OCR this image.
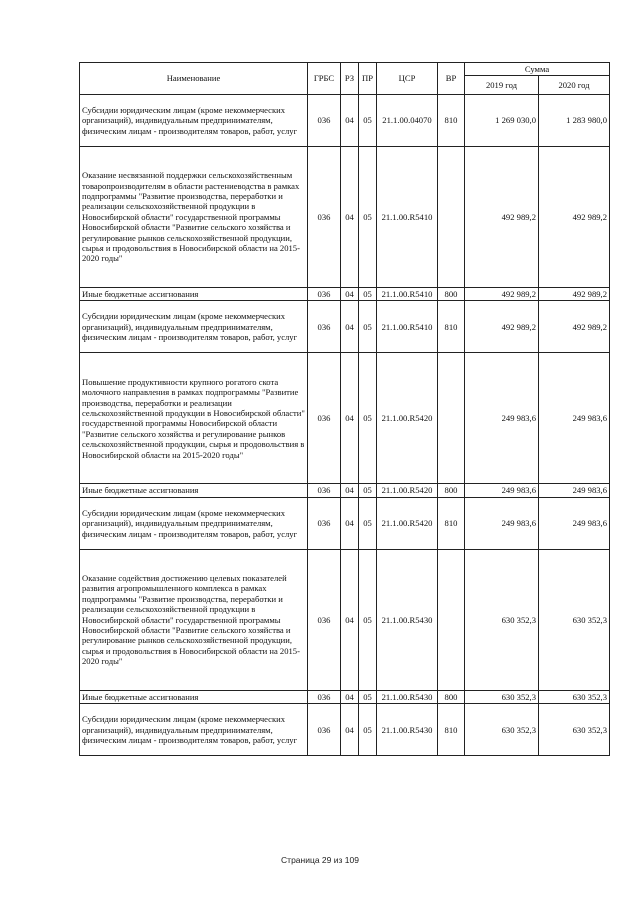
Наименование	ГРБС	РЗ	ПР	ЦСР	ВР	Сумма	
						2019 год	2020 год
Субсидии юридическим лицам (кроме некоммерческих организаций), индивидуальным предпринимателям, физическим лицам - производителям товаров, работ, услуг	036	04	05	21.1.00.04070	810	1 269 030,0	1 283 980,0
Оказание несвязанной поддержки сельскохозяйственным товаропроизводителям в области растениеводства в рамках подпрограммы "Развитие производства, переработки и реализации сельскохозяйственной продукции в Новосибирской области" государственной программы Новосибирской области "Развитие сельского хозяйства и регулирование рынков сельскохозяйственной продукции, сырья и продовольствия в Новосибирской области на 2015-2020 годы"	036	04	05	21.1.00.R5410		492 989,2	492 989,2
Иные бюджетные ассигнования	036	04	05	21.1.00.R5410	800	492 989,2	492 989,2
Субсидии юридическим лицам (кроме некоммерческих организаций), индивидуальным предпринимателям, физическим лицам - производителям товаров, работ, услуг	036	04	05	21.1.00.R5410	810	492 989,2	492 989,2
Повышение продуктивности крупного рогатого скота молочного направления в рамках подпрограммы "Развитие производства, переработки и реализации сельскохозяйственной продукции в Новосибирской области" государственной программы Новосибирской области "Развитие сельского хозяйства и регулирование рынков сельскохозяйственной продукции, сырья и продовольствия в Новосибирской области на 2015-2020 годы"	036	04	05	21.1.00.R5420		249 983,6	249 983,6
Иные бюджетные ассигнования	036	04	05	21.1.00.R5420	800	249 983,6	249 983,6
Субсидии юридическим лицам (кроме некоммерческих организаций), индивидуальным предпринимателям, физическим лицам - производителям товаров, работ, услуг	036	04	05	21.1.00.R5420	810	249 983,6	249 983,6
Оказание содействия достижению целевых показателей развития агропромышленного комплекса в рамках подпрограммы "Развитие производства, переработки и реализации сельскохозяйственной продукции в Новосибирской области" государственной программы Новосибирской области "Развитие сельского хозяйства и регулирование рынков сельскохозяйственной продукции, сырья и продовольствия в Новосибирской области на 2015-2020 годы"	036	04	05	21.1.00.R5430		630 352,3	630 352,3
Иные бюджетные ассигнования	036	04	05	21.1.00.R5430	800	630 352,3	630 352,3
Субсидии юридическим лицам (кроме некоммерческих организаций), индивидуальным предпринимателям, физическим лицам - производителям товаров, работ, услуг	036	04	05	21.1.00.R5430	810	630 352,3	630 352,3
Страница 29 из 109
